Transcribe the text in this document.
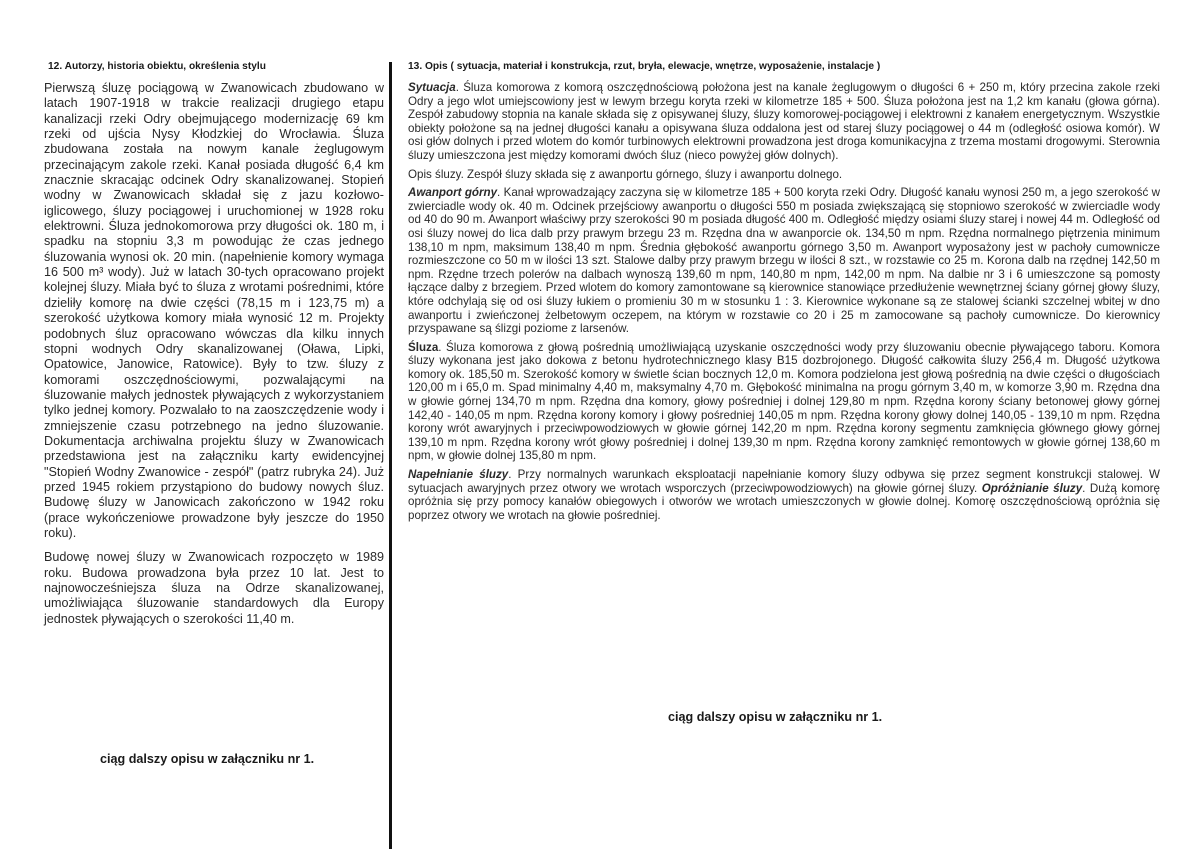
12. Autorzy, historia obiektu, określenia stylu

Pierwszą śluzę pociągową w Zwanowicach zbudowano w latach 1907-1918 w trakcie realizacji drugiego etapu kanalizacji rzeki Odry obejmującego modernizację 69 km rzeki od ujścia Nysy Kłodzkiej do Wrocławia. Śluza zbudowana została na nowym kanale żeglugowym przecinającym zakole rzeki. Kanał posiada długość 6,4 km znacznie skracając odcinek Odry skanalizowanej. Stopień wodny w Zwanowicach składał się z jazu kozłowo-iglicowego, śluzy pociągowej i uruchomionej w 1928 roku elektrowni. Śluza jednokomorowa przy długości ok. 180 m, i spadku na stopniu 3,3 m powodując że czas jednego śluzowania wynosi ok. 20 min. (napełnienie komory wymaga 16 500 m³ wody). Już w latach 30-tych opracowano projekt kolejnej śluzy. Miała być to śluza z wrotami pośrednimi, które dzieliły komorę na dwie części (78,15 m i 123,75 m) a szerokość użytkowa komory miała wynosić 12 m. Projekty podobnych śluz opracowano wówczas dla kilku innych stopni wodnych Odry skanalizowanej (Oława, Lipki, Opatowice, Janowice, Ratowice). Były to tzw. śluzy z komorami oszczędnościowymi, pozwalającymi na śluzowanie małych jednostek pływających z wykorzystaniem tylko jednej komory. Pozwalało to na zaoszczędzenie wody i zmniejszenie czasu potrzebnego na jedno śluzowanie. Dokumentacja archiwalna projektu śluzy w Zwanowicach przedstawiona jest na załączniku karty ewidencyjnej "Stopień Wodny Zwanowice - zespół" (patrz rubryka 24). Już przed 1945 rokiem przystąpiono do budowy nowych śluz. Budowę śluzy w Janowicach zakończono w 1942 roku (prace wykończeniowe prowadzone były jeszcze do 1950 roku).

Budowę nowej śluzy w Zwanowicach rozpoczęto w 1989 roku. Budowa prowadzona była przez 10 lat. Jest to najnowocześniejsza śluza na Odrze skanalizowanej, umożliwiająca śluzowanie standardowych dla Europy jednostek pływających o szerokości 11,40 m.

ciąg dalszy opisu w załączniku nr 1.

13. Opis ( sytuacja, materiał i konstrukcja, rzut, bryła, elewacje, wnętrze, wyposażenie, instalacje )

Sytuacja. Śluza komorowa z komorą oszczędnościową położona jest na kanale żeglugowym o długości 6 + 250 m, który przecina zakole rzeki Odry a jego wlot umiejscowiony jest w lewym brzegu koryta rzeki w kilometrze 185 + 500. Śluza położona jest na 1,2 km kanału (głowa górna). Zespół zabudowy stopnia na kanale składa się z opisywanej śluzy, śluzy komorowej-pociągowej i elektrowni z kanałem energetycznym. Wszystkie obiekty położone są na jednej długości kanału a opisywana śluza oddalona jest od starej śluzy pociągowej o 44 m (odległość osiowa komór). W osi głów dolnych i przed wlotem do komór turbinowych elektrowni prowadzona jest droga komunikacyjna z trzema mostami drogowymi. Sterownia śluzy umieszczona jest między komorami dwóch śluz (nieco powyżej głów dolnych).

Opis śluzy. Zespół śluzy składa się z awanportu górnego, śluzy i awanportu dolnego.

Awanport górny. Kanał wprowadzający zaczyna się w kilometrze 185 + 500 koryta rzeki Odry. Długość kanału wynosi 250 m, a jego szerokość w zwierciadle wody ok. 40 m. Odcinek przejściowy awanportu o długości 550 m posiada zwiększającą się stopniowo szerokość w zwierciadle wody od 40 do 90 m. Awanport właściwy przy szerokości 90 m posiada długość 400 m. Odległość między osiami śluzy starej i nowej 44 m. Odległość od osi śluzy nowej do lica dalb przy prawym brzegu 23 m. Rzędna dna w awanporcie ok. 134,50 m npm. Rzędna normalnego piętrzenia minimum 138,10 m npm, maksimum 138,40 m npm. Średnia głębokość awanportu górnego 3,50 m. Awanport wyposażony jest w pachoły cumownicze rozmieszczone co 50 m w ilości 13 szt. Stalowe dalby przy prawym brzegu w ilości 8 szt., w rozstawie co 25 m. Korona dalb na rzędnej 142,50 m npm. Rzędne trzech polerów na dalbach wynoszą 139,60 m npm, 140,80 m npm, 142,00 m npm. Na dalbie nr 3 i 6 umieszczone są pomosty łączące dalby z brzegiem. Przed wlotem do komory zamontowane są kierownice stanowiące przedłużenie wewnętrznej ściany górnej głowy śluzy, które odchylają się od osi śluzy łukiem o promieniu 30 m w stosunku 1 : 3. Kierownice wykonane są ze stalowej ścianki szczelnej wbitej w dno awanportu i zwieńczonej żelbetowym oczepem, na którym w rozstawie co 20 i 25 m zamocowane są pachoły cumownicze. Do kierownicy przyspawane są ślizgi poziome z larsenów.

Śluza. Śluza komorowa z głową pośrednią umożliwiającą uzyskanie oszczędności wody przy śluzowaniu obecnie pływającego taboru. Komora śluzy wykonana jest jako dokowa z betonu hydrotechnicznego klasy B15 dozbrojonego. Długość całkowita śluzy 256,4 m. Długość użytkowa komory ok. 185,50 m. Szerokość komory w świetle ścian bocznych 12,0 m. Komora podzielona jest głową pośrednią na dwie części o długościach 120,00 m i 65,0 m. Spad minimalny 4,40 m, maksymalny 4,70 m. Głębokość minimalna na progu górnym 3,40 m, w komorze 3,90 m. Rzędna dna w głowie górnej 134,70 m npm. Rzędna dna komory, głowy pośredniej i dolnej 129,80 m npm. Rzędna korony ściany betonowej głowy górnej 142,40 - 140,05 m npm. Rzędna korony komory i głowy pośredniej 140,05 m npm. Rzędna korony głowy dolnej 140,05 - 139,10 m npm. Rzędna korony wrót awaryjnych i przeciwpowodziowych w głowie górnej 142,20 m npm. Rzędna korony segmentu zamknięcia głównego głowy górnej 139,10 m npm. Rzędna korony wrót głowy pośredniej i dolnej 139,30 m npm. Rzędna korony zamknięć remontowych w głowie górnej 138,60 m npm, w głowie dolnej 135,80 m npm.

Napełnianie śluzy. Przy normalnych warunkach eksploatacji napełnianie komory śluzy odbywa się przez segment konstrukcji stalowej. W sytuacjach awaryjnych przez otwory we wrotach wsporczych (przeciwpowodziowych) na głowie górnej śluzy. Opróżnianie śluzy. Dużą komorę opróżnia się przy pomocy kanałów obiegowych i otworów we wrotach umieszczonych w głowie dolnej. Komorę oszczędnościową opróżnia się poprzez otwory we wrotach na głowie pośredniej.

ciąg dalszy opisu w załączniku nr 1.
